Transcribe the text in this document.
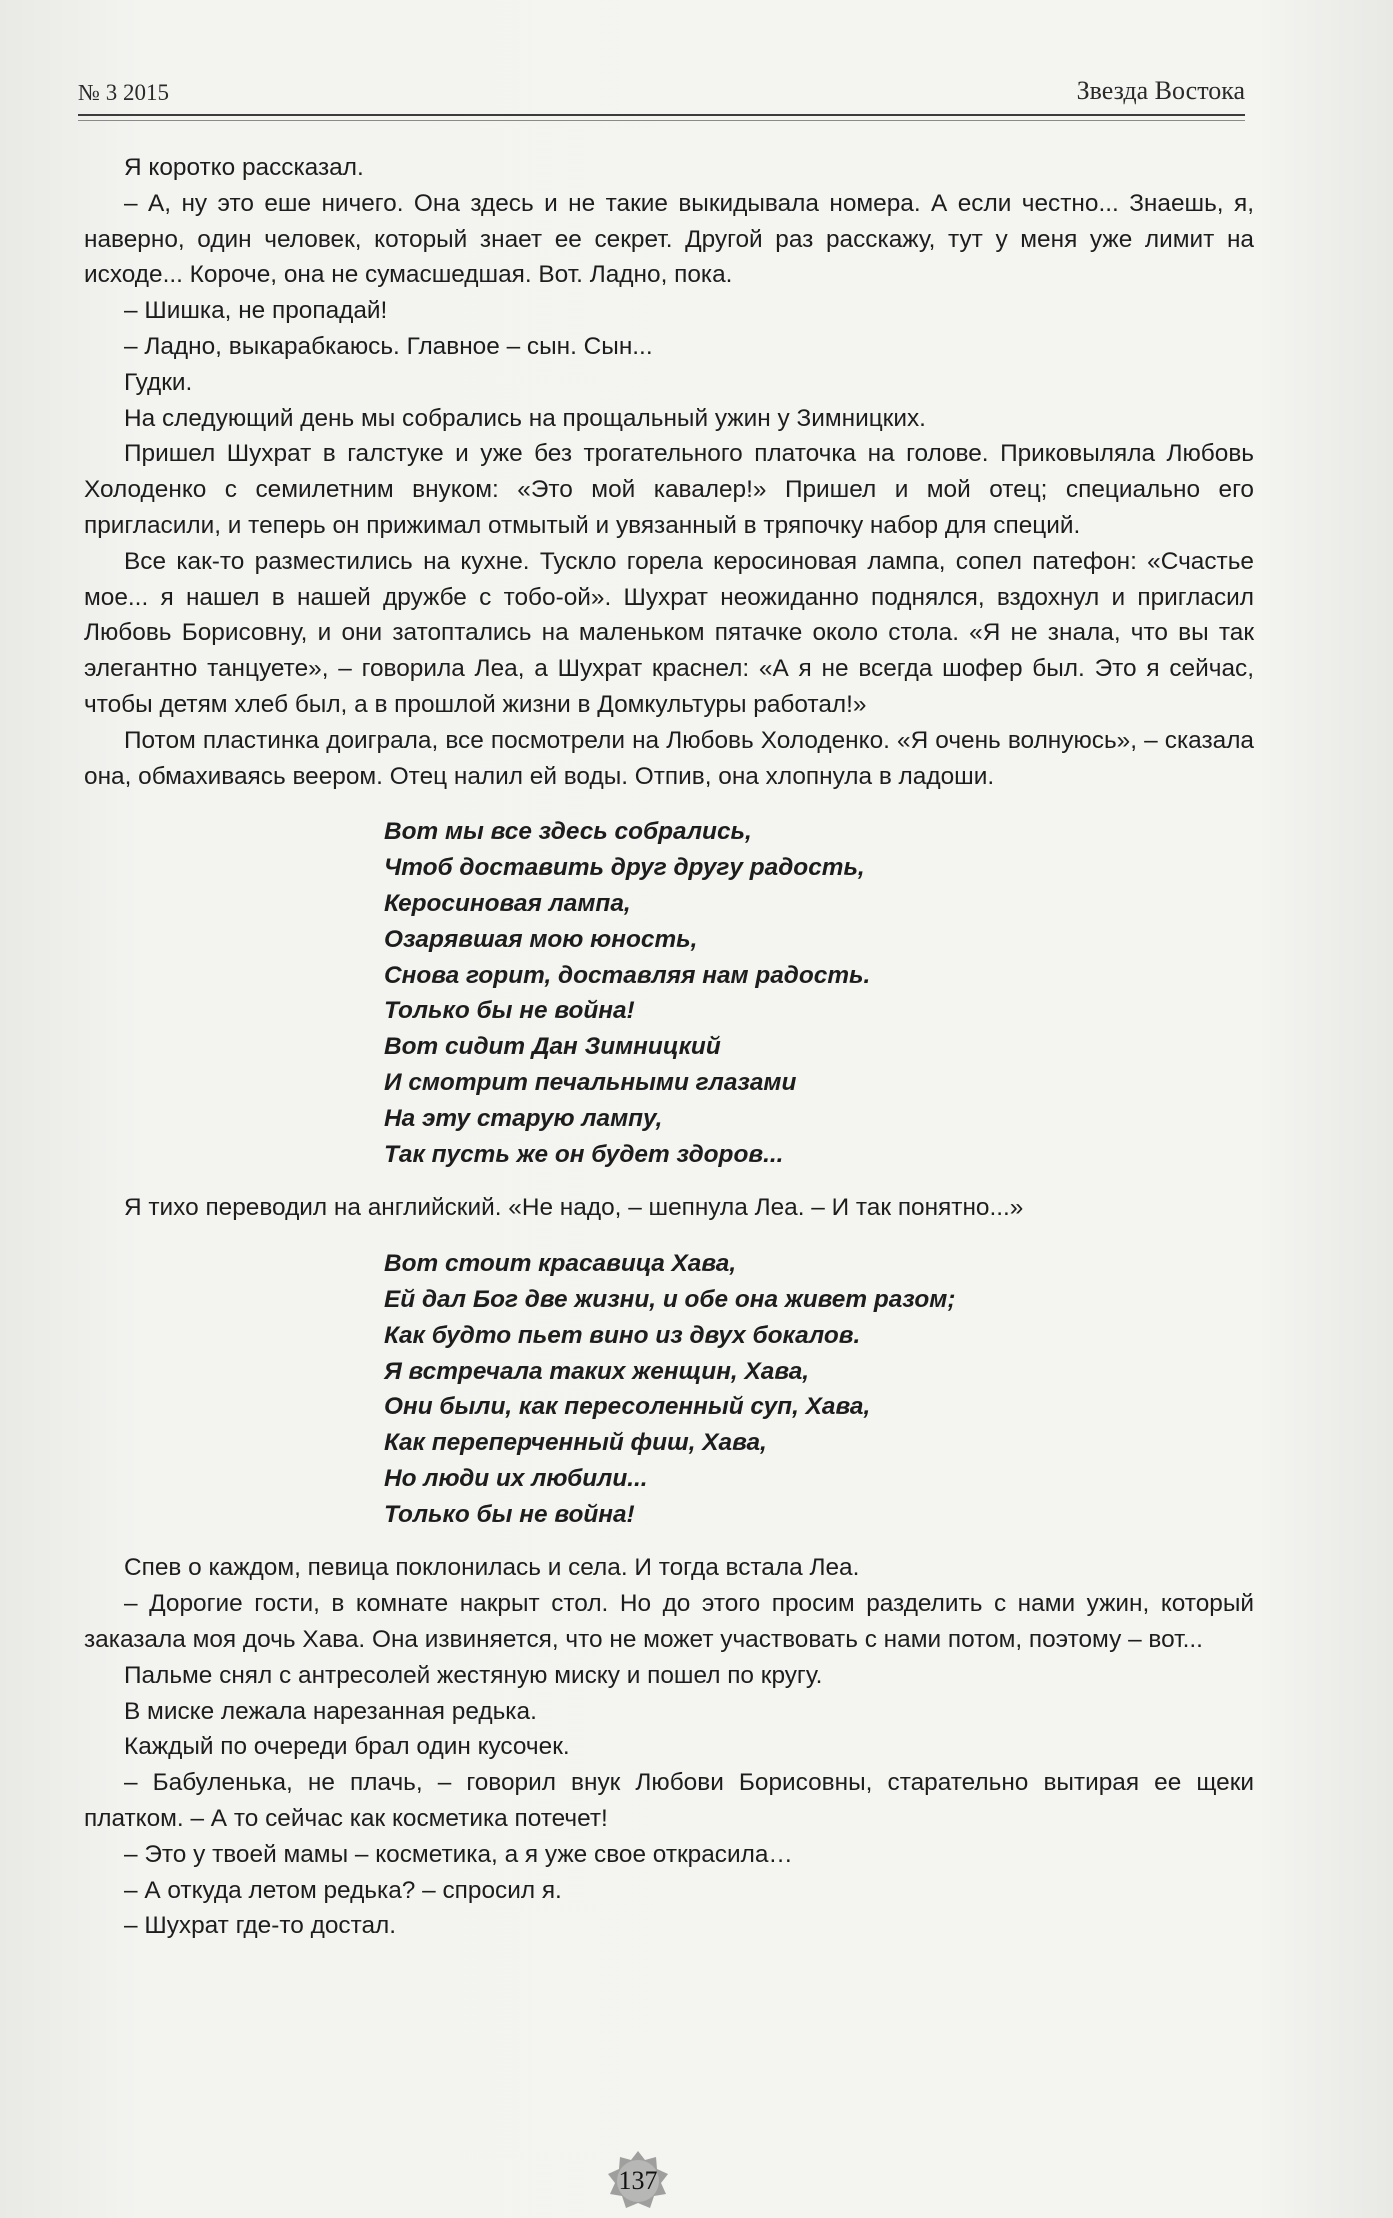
№ 3 2015	Звезда Востока

Я коротко рассказал.

– А, ну это еше ничего. Она здесь и не такие выкидывала номера. А если честно... Знаешь, я, наверно, один человек, который знает ее секрет. Другой раз расскажу, тут у меня уже лимит на исходе... Короче, она не сумасшедшая. Вот. Ладно, пока.

– Шишка, не пропадай!

– Ладно, выкарабкаюсь. Главное – сын. Сын...

Гудки.

На следующий день мы собрались на прощальный ужин у Зимницких.

Пришел Шухрат в галстуке и уже без трогательного платочка на голове. Приковыляла Любовь Холоденко с семилетним внуком: «Это мой кавалер!» Пришел и мой отец; специально его пригласили, и теперь он прижимал отмытый и увязанный в тряпочку набор для специй.

Все как-то разместились на кухне. Тускло горела керосиновая лампа, сопел патефон: «Счастье мое... я нашел в нашей дружбе с тобо-ой». Шухрат неожиданно поднялся, вздохнул и пригласил Любовь Борисовну, и они затоптались на маленьком пятачке около стола. «Я не знала, что вы так элегантно танцуете», – говорила Леа, а Шухрат краснел: «А я не всегда шофер был. Это я сейчас, чтобы детям хлеб был, а в прошлой жизни в Домкультуры работал!»

Потом пластинка доиграла, все посмотрели на Любовь Холоденко. «Я очень волнуюсь», – сказала она, обмахиваясь веером. Отец налил ей воды. Отпив, она хлопнула в ладоши.

Вот мы все здесь собрались,
Чтоб доставить друг другу радость,
Керосиновая лампа,
Озарявшая мою юность,
Снова горит, доставляя нам радость.
Только бы не война!
Вот сидит Дан Зимницкий
И смотрит печальными глазами
На эту старую лампу,
Так пусть же он будет здоров...

Я тихо переводил на английский. «Не надо, – шепнула Леа. – И так понятно...»

Вот стоит красавица Хава,
Ей дал Бог две жизни, и обе она живет разом;
Как будто пьет вино из двух бокалов.
Я встречала таких женщин, Хава,
Они были, как пересоленный суп, Хава,
Как переперченный фиш, Хава,
Но люди их любили...
Только бы не война!

Спев о каждом, певица поклонилась и села. И тогда встала Леа.

– Дорогие гости, в комнате накрыт стол. Но до этого просим разделить с нами ужин, который заказала моя дочь Хава. Она извиняется, что не может участвовать с нами потом, поэтому – вот...

Пальме снял с антресолей жестяную миску и пошел по кругу.

В миске лежала нарезанная редька.

Каждый по очереди брал один кусочек.

– Бабуленька, не плачь, – говорил внук Любови Борисовны, старательно вытирая ее щеки платком. – А то сейчас как косметика потечет!

– Это у твоей мамы – косметика, а я уже свое открасила…

– А откуда летом редька? – спросил я.

– Шухрат где-то достал.

137
